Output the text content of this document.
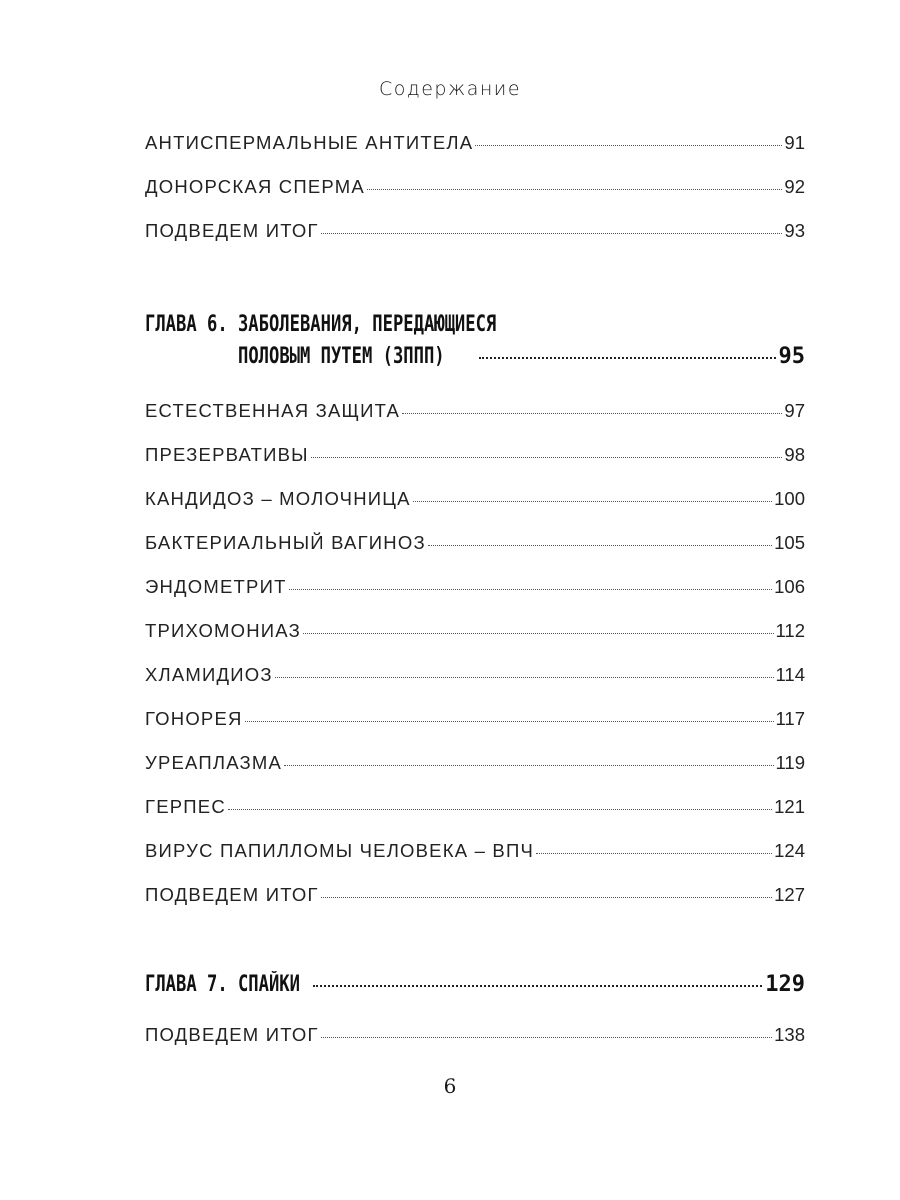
Содержание
АНТИСПЕРМАЛЬНЫЕ АНТИТЕЛА	91
ДОНОРСКАЯ СПЕРМА	92
ПОДВЕДЕМ ИТОГ	93
ГЛАВА 6. ЗАБОЛЕВАНИЯ, ПЕРЕДАЮЩИЕСЯ
ПОЛОВЫМ ПУТЕМ (ЗППП)	95
ЕСТЕСТВЕННАЯ ЗАЩИТА	97
ПРЕЗЕРВАТИВЫ	98
КАНДИДОЗ – МОЛОЧНИЦА	100
БАКТЕРИАЛЬНЫЙ ВАГИНОЗ	105
ЭНДОМЕТРИТ	106
ТРИХОМОНИАЗ	112
ХЛАМИДИОЗ	114
ГОНОРЕЯ	117
УРЕАПЛАЗМА	119
ГЕРПЕС	121
ВИРУС ПАПИЛЛОМЫ ЧЕЛОВЕКА – ВПЧ	124
ПОДВЕДЕМ ИТОГ	127
ГЛАВА 7. СПАЙКИ	129
ПОДВЕДЕМ ИТОГ	138
6
